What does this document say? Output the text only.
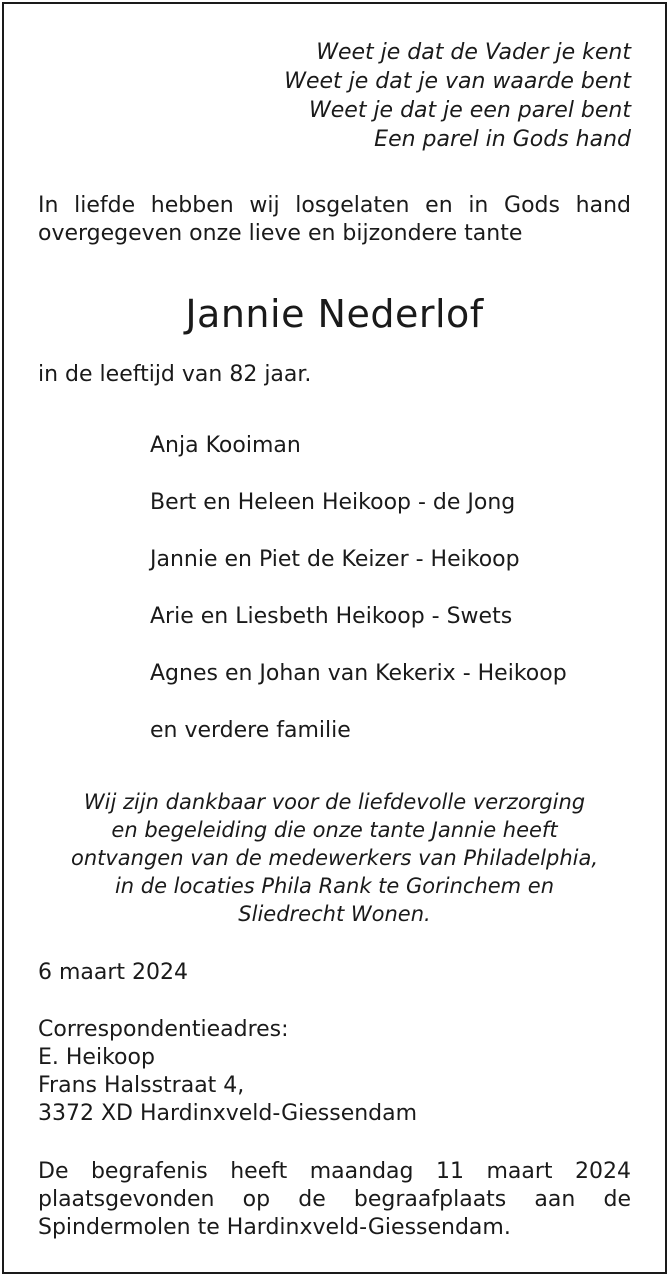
Weet je dat de Vader je kent
Weet je dat je van waarde bent
Weet je dat je een parel bent
Een parel in Gods hand
In liefde hebben wij losgelaten en in Gods hand
overgegeven onze lieve en bijzondere tante
Jannie Nederlof
in de leeftijd van 82 jaar.
Anja Kooiman
Bert en Heleen Heikoop - de Jong
Jannie en Piet de Keizer - Heikoop
Arie en Liesbeth Heikoop - Swets
Agnes en Johan van Kekerix - Heikoop
en verdere familie
Wij zijn dankbaar voor de liefdevolle verzorging
en begeleiding die onze tante Jannie heeft
ontvangen van de medewerkers van Philadelphia,
in de locaties Phila Rank te Gorinchem en
Sliedrecht Wonen.
6 maart 2024
Correspondentieadres:
E. Heikoop
Frans Halsstraat 4,
3372 XD Hardinxveld-Giessendam
De begrafenis heeft maandag 11 maart 2024
plaatsgevonden op de begraafplaats aan de
Spindermolen te Hardinxveld-Giessendam.
